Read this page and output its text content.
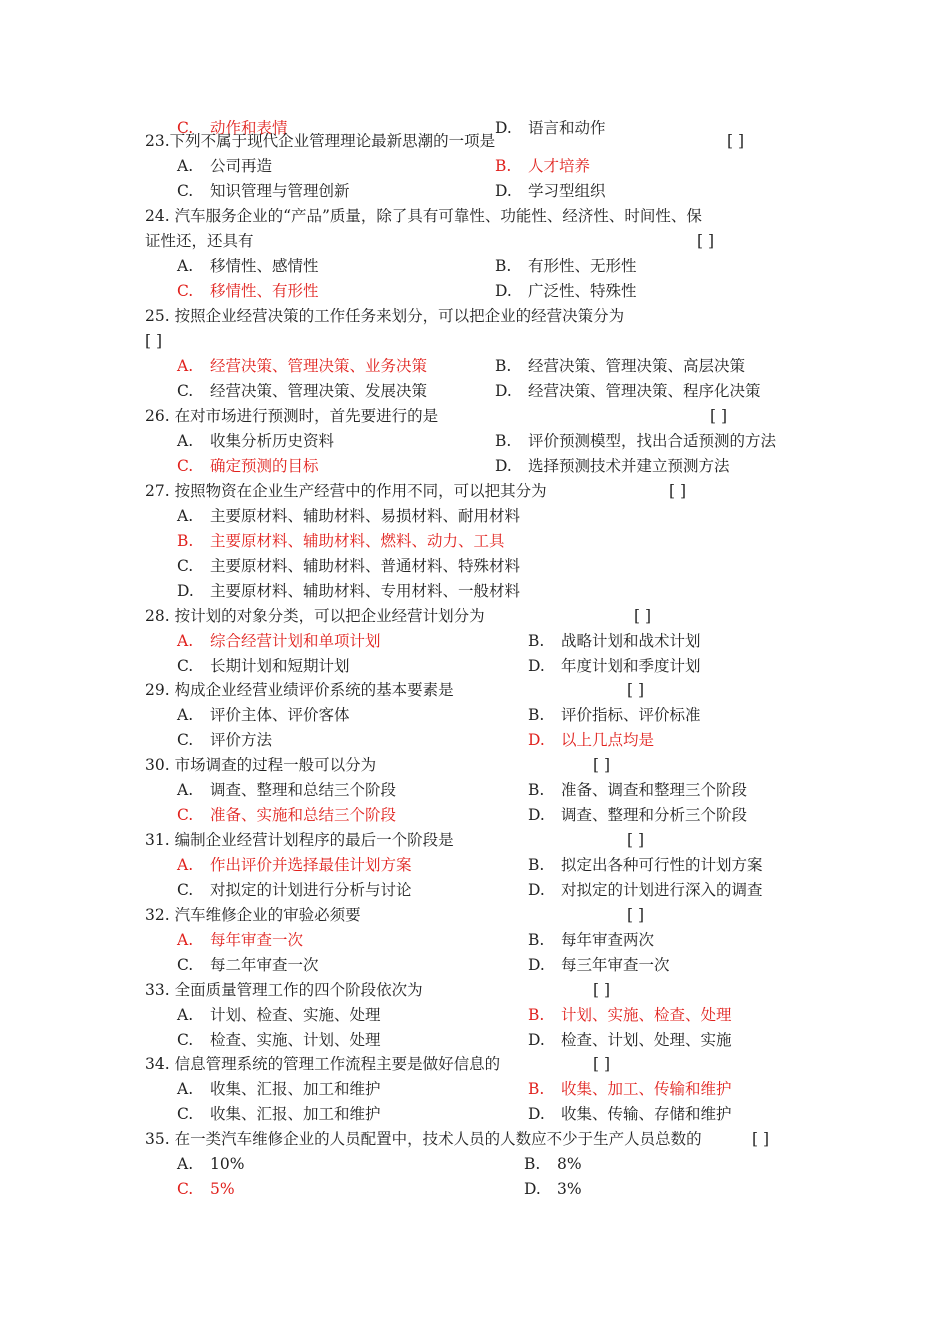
C. 动作和表情	D. 语言和动作
23.下列不属于现代企业管理理论最新思潮的一项是	[ ]
A. 公司再造	B. 人才培养
C. 知识管理与管理创新	D. 学习型组织
24. 汽车服务企业的“产品”质量，除了具有可靠性、功能性、经济性、时间性、保
证性还，还具有	[ ]
A. 移情性、感情性	B. 有形性、无形性
C. 移情性、有形性	D. 广泛性、特殊性
25. 按照企业经营决策的工作任务来划分，可以把企业的经营决策分为
[ ]
A. 经营决策、管理决策、业务决策	B. 经营决策、管理决策、高层决策
C. 经营决策、管理决策、发展决策	D. 经营决策、管理决策、程序化决策
26. 在对市场进行预测时，首先要进行的是	[ ]
A. 收集分析历史资料	B. 评价预测模型，找出合适预测的方法
C. 确定预测的目标	D. 选择预测技术并建立预测方法
27. 按照物资在企业生产经营中的作用不同，可以把其分为	[ ]
A. 主要原材料、辅助材料、易损材料、耐用材料
B. 主要原材料、辅助材料、燃料、动力、工具
C. 主要原材料、辅助材料、普通材料、特殊材料
D. 主要原材料、辅助材料、专用材料、一般材料
28. 按计划的对象分类，可以把企业经营计划分为	[ ]
A. 综合经营计划和单项计划	B. 战略计划和战术计划
C. 长期计划和短期计划	D. 年度计划和季度计划
29. 构成企业经营业绩评价系统的基本要素是	[ ]
A. 评价主体、评价客体	B. 评价指标、评价标准
C. 评价方法	D. 以上几点均是
30. 市场调查的过程一般可以分为	[ ]
A. 调查、整理和总结三个阶段	B. 准备、调查和整理三个阶段
C. 准备、实施和总结三个阶段	D. 调查、整理和分析三个阶段
31. 编制企业经营计划程序的最后一个阶段是	[ ]
A. 作出评价并选择最佳计划方案	B. 拟定出各种可行性的计划方案
C. 对拟定的计划进行分析与讨论	D. 对拟定的计划进行深入的调查
32. 汽车维修企业的审验必须要	[ ]
A. 每年审查一次	B. 每年审查两次
C. 每二年审查一次	D. 每三年审查一次
33. 全面质量管理工作的四个阶段依次为	[ ]
A. 计划、检查、实施、处理	B. 计划、实施、检查、处理
C. 检查、实施、计划、处理	D. 检查、计划、处理、实施
34. 信息管理系统的管理工作流程主要是做好信息的	[ ]
A. 收集、汇报、加工和维护	B. 收集、加工、传输和维护
C. 收集、汇报、加工和维护	D. 收集、传输、存储和维护
35. 在一类汽车维修企业的人员配置中，技术人员的人数应不少于生产人员总数的	[ ]
A. 10%	B. 8%
C. 5%	D. 3%
